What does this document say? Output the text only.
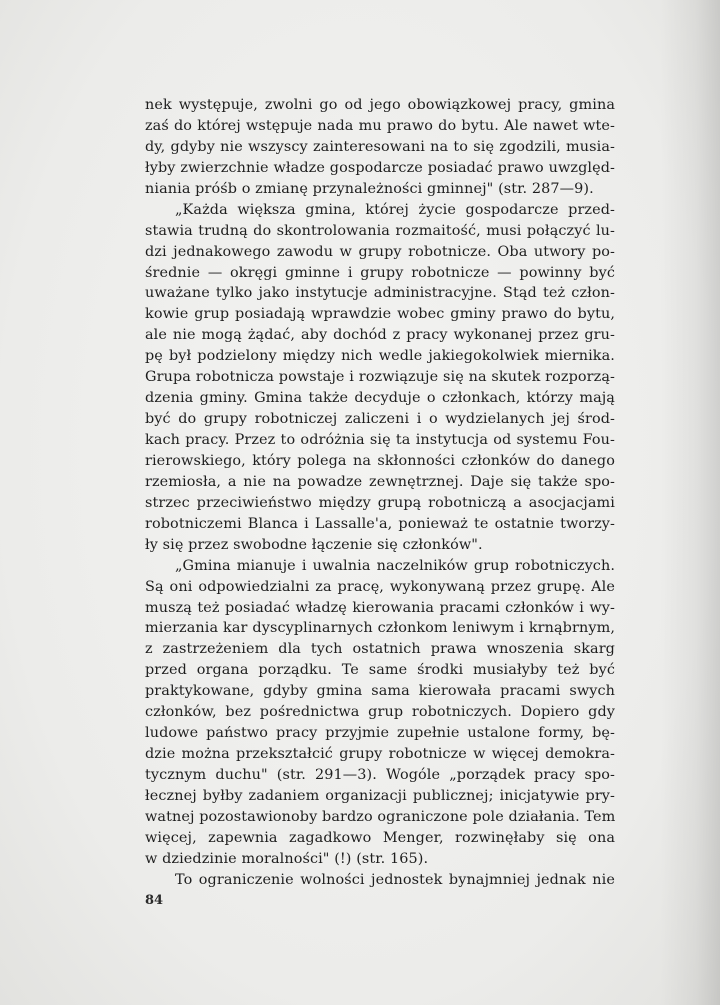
nek występuje, zwolni go od jego obowiązkowej pracy, gmina
zaś do której wstępuje nada mu prawo do bytu. Ale nawet wte-
dy, gdyby nie wszyscy zainteresowani na to się zgodzili, musia-
łyby zwierzchnie władze gospodarcze posiadać prawo uwzględ-
niania próśb o zmianę przynależności gminnej" (str. 287—9).
„Każda większa gmina, której życie gospodarcze przed-
stawia trudną do skontrolowania rozmaitość, musi połączyć lu-
dzi jednakowego zawodu w grupy robotnicze. Oba utwory po-
średnie — okręgi gminne i grupy robotnicze — powinny być
uważane tylko jako instytucje administracyjne. Stąd też człon-
kowie grup posiadają wprawdzie wobec gminy prawo do bytu,
ale nie mogą żądać, aby dochód z pracy wykonanej przez gru-
pę był podzielony między nich wedle jakiegokolwiek miernika.
Grupa robotnicza powstaje i rozwiązuje się na skutek rozporzą-
dzenia gminy. Gmina także decyduje o członkach, którzy mają
być do grupy robotniczej zaliczeni i o wydzielanych jej środ-
kach pracy. Przez to odróżnia się ta instytucja od systemu Fou-
rierowskiego, który polega na skłonności członków do danego
rzemiosła, a nie na powadze zewnętrznej. Daje się także spo-
strzec przeciwieństwo między grupą robotniczą a asocjacjami
robotniczemi Blanca i Lassalle'a, ponieważ te ostatnie tworzy-
ły się przez swobodne łączenie się członków".
„Gmina mianuje i uwalnia naczelników grup robotniczych.
Są oni odpowiedzialni za pracę, wykonywaną przez grupę. Ale
muszą też posiadać władzę kierowania pracami członków i wy-
mierzania kar dyscyplinarnych członkom leniwym i krnąbrnym,
z zastrzeżeniem dla tych ostatnich prawa wnoszenia skarg
przed organa porządku. Te same środki musiałyby też być
praktykowane, gdyby gmina sama kierowała pracami swych
członków, bez pośrednictwa grup robotniczych. Dopiero gdy
ludowe państwo pracy przyjmie zupełnie ustalone formy, bę-
dzie można przekształcić grupy robotnicze w więcej demokra-
tycznym duchu" (str. 291—3). Wogóle „porządek pracy spo-
łecznej byłby zadaniem organizacji publicznej; inicjatywie pry-
watnej pozostawionoby bardzo ograniczone pole działania. Tem
więcej, zapewnia zagadkowo Menger, rozwinęłaby się ona
w dziedzinie moralności" (!) (str. 165).
To ograniczenie wolności jednostek bynajmniej jednak nie
84
